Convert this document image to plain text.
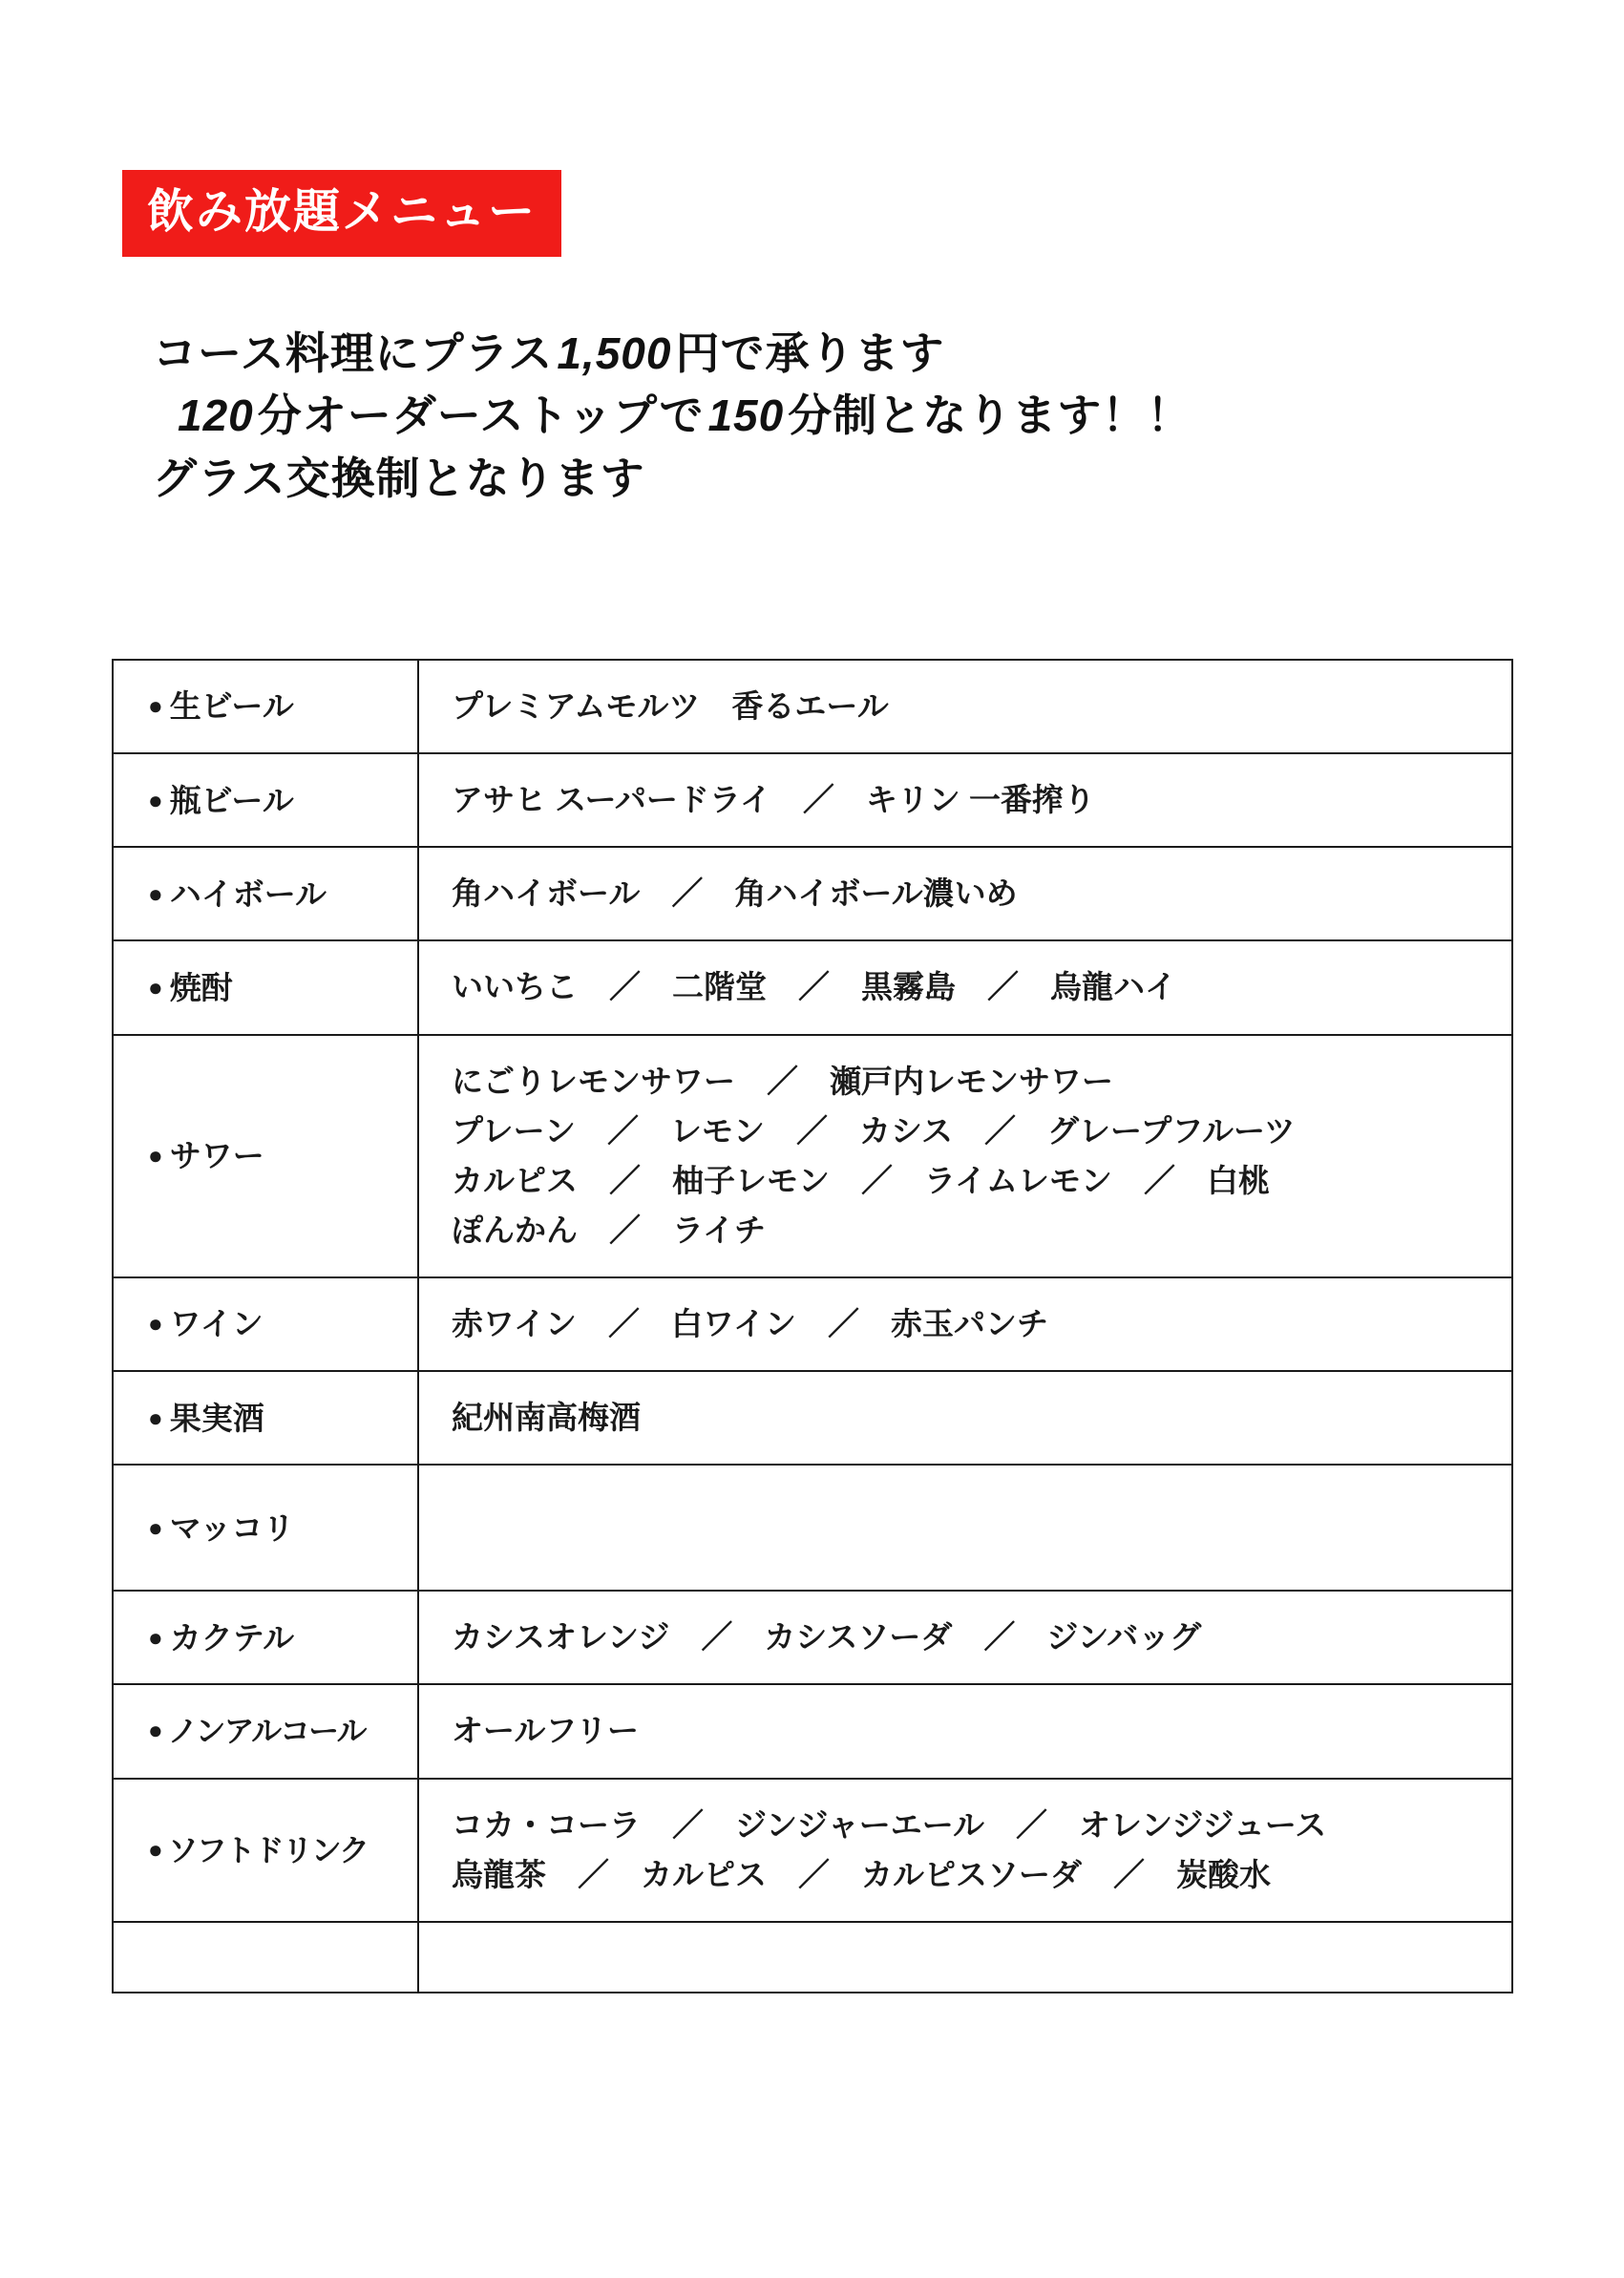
飲み放題メニュー
コース料理にプラス1,500円で承ります
120分オーダーストップで150分制となります！！
グラス交換制となります
● 生ビール	プレミアムモルツ　香るエール

● 瓶ビール	アサヒ スーパードライ　／　キリン 一番搾り

● ハイボール	角ハイボール　／　角ハイボール濃いめ

● 焼酎	いいちこ　／　二階堂　／　黒霧島　／　烏龍ハイ

● サワー	にごりレモンサワー　／　瀬戸内レモンサワー
プレーン　／　レモン　／　カシス　／　グレープフルーツ
カルピス　／　柚子レモン　／　ライムレモン　／　白桃
ぽんかん　／　ライチ

● ワイン	赤ワイン　／　白ワイン　／　赤玉パンチ

● 果実酒	紀州南高梅酒

● マッコリ	

● カクテル	カシスオレンジ　／　カシスソーダ　／　ジンバッグ

● ノンアルコール	オールフリー

● ソフトドリンク	コカ・コーラ　／　ジンジャーエール　／　オレンジジュース
烏龍茶　／　カルピス　／　カルピスソーダ　／　炭酸水
